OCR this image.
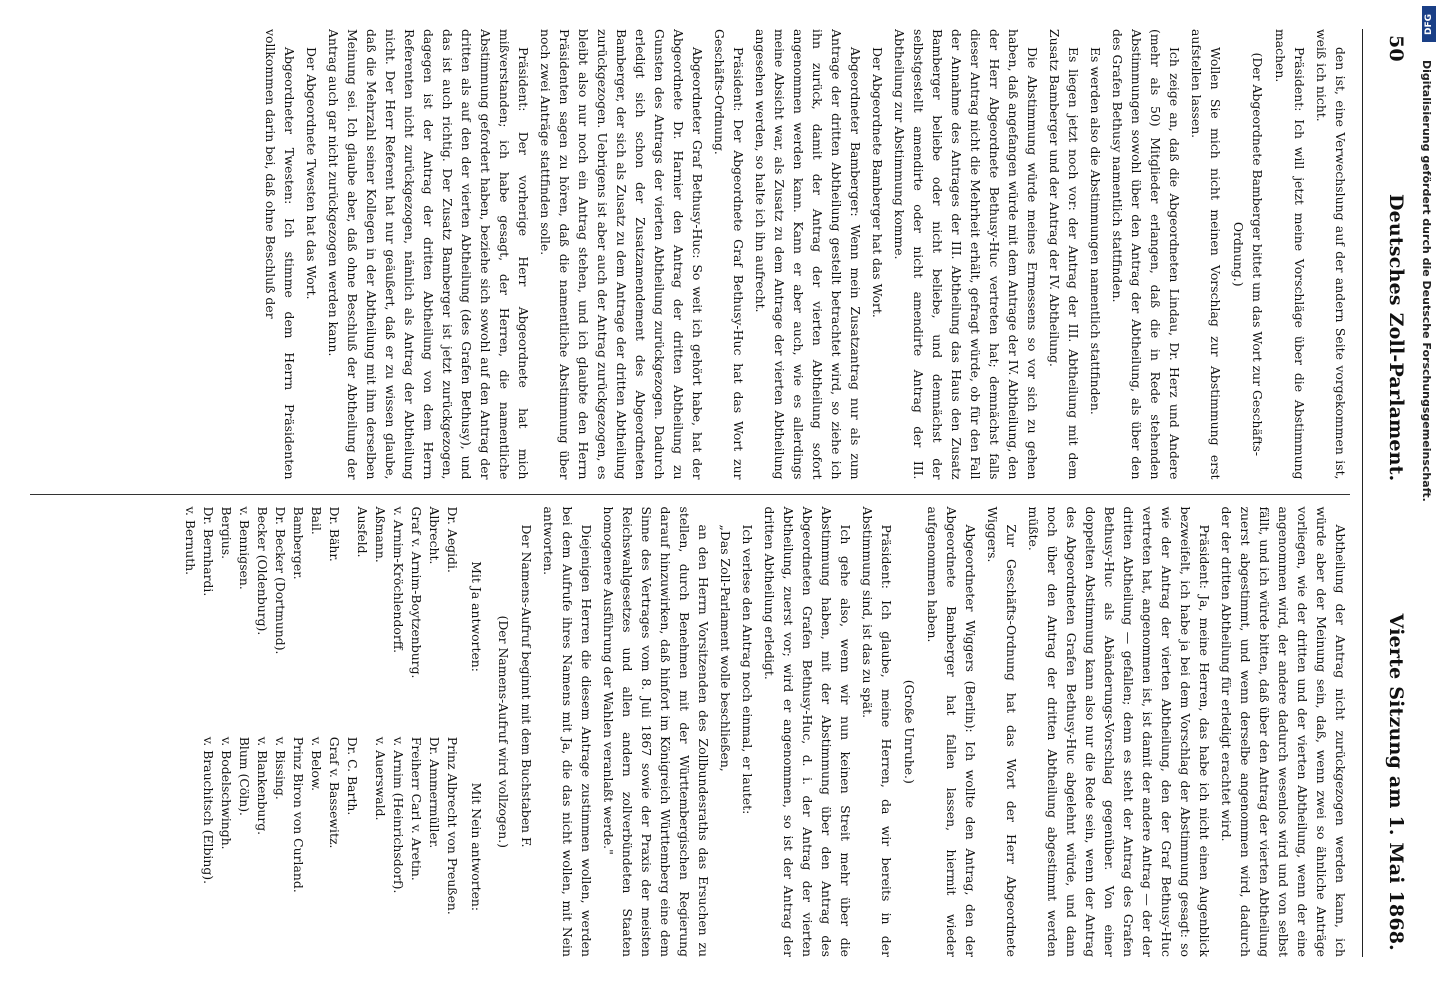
50
Deutsches Zoll-Parlament.
Vierte Sitzung am 1. Mai 1868.

den ist, eine Verwechslung auf der andern Seite vorgekommen ist, weiß ich nicht.

Präsident: Ich will jetzt meine Vorschläge über die Abstimmung machen.

(Der Abgeordnete Bamberger bittet um das Wort zur Geschäfts-Ordnung.)

Wollen Sie mich nicht meinen Vorschlag zur Abstimmung erst aufstellen lassen.

Ich zeige an, daß die Abgeordneten Lindau, Dr. Herz und Andere (mehr als 50) Mitglieder erlangen, daß die in Rede stehenden Abstimmungen sowohl über den Antrag der Abtheilung, als über den des Grafen Bethusy namentlich stattfinden.

Es werden also die Abstimmungen namentlich stattfinden.

Es liegen jetzt noch vor: der Antrag der III. Abtheilung mit dem Zusatz Bamberger und der Antrag der IV. Abtheilung.

Die Abstimmung würde meines Ermessens so vor sich zu gehen haben, daß angefangen würde mit dem Antrage der IV. Abtheilung, den der Herr Abgeordnete Bethusy-Huc vertreten hat; demnächst falls dieser Antrag nicht die Mehrheit erhält, gefragt würde, ob für den Fall der Annahme des Antrages der III. Abtheilung das Haus den Zusatz Bamberger beliebe oder nicht beliebe, und demnächst der selbstgestellt amendirte oder nicht amendirte Antrag der III. Abtheilung zur Abstimmung komme.

Der Abgeordnete Bamberger hat das Wort.

Abgeordneter Bamberger: Wenn mein Zusatzantrag nur als zum Antrage der dritten Abtheilung gestellt betrachtet wird, so ziehe ich ihn zurück, damit der Antrag der vierten Abtheilung sofort angenommen werden kann. Kann er aber auch, wie es allerdings meine Absicht war, als Zusatz zu dem Antrage der vierten Abtheilung angesehen werden, so halte ich ihn aufrecht.

Präsident: Der Abgeordnete Graf Bethusy-Huc hat das Wort zur Geschäfts-Ordnung.

Abgeordneter Graf Bethusy-Huc: So weit ich gehört habe, hat der Abgeordnete Dr. Harnier den Antrag der dritten Abtheilung zu Gunsten des Antrags der vierten Abtheilung zurückgezogen. Dadurch erledigt sich schon der Zusatzamendement des Abgeordneten Bamberger, der sich als Zusatz zu dem Antrage der dritten Abtheilung zurückgezogen. Uebrigens ist aber auch der Antrag zurückgezogen, es bleibt also nur noch ein Antrag stehen, und ich glaubte den Herrn Präsidenten sagen zu hören, daß die namentliche Abstimmung über noch zwei Anträge stattfinden solle.

Präsident: Der vorherige Herr Abgeordnete hat mich mißverstanden; ich habe gesagt, der Herren, die namentliche Abstimmung gefordert haben, beziehe sich sowohl auf den Antrag der dritten als auf den der vierten Abtheilung (des Grafen Bethusy), und das ist auch richtig. Der Zusatz Bamberger ist jetzt zurückgezogen, dagegen ist der Antrag der dritten Abtheilung von dem Herrn Referenten nicht zurückgezogen, nämlich als Antrag der Abtheilung nicht. Der Herr Referent hat nur geäußert, daß er zu wissen glaube, daß die Mehrzahl seiner Kollegen in der Abtheilung mit ihm derselben Meinung sei. Ich glaube aber, daß ohne Beschluß der Abtheilung der Antrag auch gar nicht zurückgezogen werden kann.

Der Abgeordnete Twesten hat das Wort.

Abgeordneter Twesten: Ich stimme dem Herrn Präsidenten vollkommen darin bei, daß ohne Beschluß der

Abtheilung der Antrag nicht zurückgezogen werden kann, ich würde aber der Meinung sein, daß, wenn zwei so ähnliche Anträge vorliegen, wie der dritten und der vierten Abtheilung, wenn der eine angenommen wird, der andere dadurch wesenlos wird und von selbst fällt, und ich würde bitten, daß über den Antrag der vierten Abtheilung zuerst abgestimmt, und wenn derselbe angenommen wird, dadurch der der dritten Abtheilung für erledigt erachtet wird.

Präsident: Ja, meine Herren, das habe ich nicht einen Augenblick bezweifelt, ich habe ja bei dem Vorschlag der Abstimmung gesagt: so wie der Antrag der vierten Abtheilung, den der Graf Bethusy-Huc vertreten hat, angenommen ist, ist damit der andere Antrag — der der dritten Abtheilung — gefallen; denn es steht der Antrag des Grafen Bethusy-Huc als Abänderungs-Vorschlag gegenüber. Von einer doppelten Abstimmung kann also nur die Rede sein, wenn der Antrag des Abgeordneten Grafen Bethusy-Huc abgelehnt würde, und dann noch über den Antrag der dritten Abtheilung abgestimmt werden müßte.

Zur Geschäfts-Ordnung hat das Wort der Herr Abgeordnete Wiggers.

Abgeordneter Wiggers (Berlin): Ich wollte den Antrag, den der Abgeordnete Bamberger hat fallen lassen, hiermit wieder aufgenommen haben.

(Große Unruhe.)

Präsident: Ich glaube, meine Herren, da wir bereits in der Abstimmung sind, ist das zu spät.

Ich gehe also, wenn wir nun keinen Streit mehr über die Abstimmung haben, mit der Abstimmung über den Antrag des Abgeordneten Grafen Bethusy-Huc, d. i. der Antrag der vierten Abtheilung, zuerst vor; wird er angenommen, so ist der Antrag der dritten Abtheilung erledigt.

Ich verlese den Antrag noch einmal, er lautet:

„Das Zoll-Parlament wolle beschließen,

an den Herrn Vorsitzenden des Zollbundesraths das Ersuchen zu stellen, durch Benehmen mit der Württembergischen Regierung darauf hinzuwirken, daß hinfort im Königreich Württemberg eine dem Sinne des Vertrages vom 8. Juli 1867 sowie der Praxis der meisten Reichswahlgesetzes und allen andern zollverbündeten Staaten homogenere Ausführung der Wahlen veranlaßt werde."

Diejenigen Herren die diesem Antrage zustimmen wollen, werden bei dem Aufrufe ihres Namens mit Ja, die das nicht wollen, mit Nein antworten.

Der Namens-Aufruf beginnt mit dem Buchstaben F.

(Der Namens-Aufruf wird vollzogen.)

Mit Ja antworten:
Dr. Aegidi.
Albrecht.
Graf v. Arnim-Boytzenburg.
v. Arnim-Kröchlendorff.
Aßmann.
Ausfeld.
Dr. Bähr.
Bail.
Bamberger.
Dr. Becker (Dortmund).
Becker (Oldenburg).
v. Bennigsen.
Bergius.
Dr. Bernhardi.
v. Bernuth.
Mit Nein antworten:
Prinz Albrecht von Preußen.
Dr. Ammermüller.
Freiherr Carl v. Aretin.
v. Arnim (Heinrichsdorf).
v. Auerswald.
Dr. C. Barth.
Graf v. Bassewitz.
v. Below.
Prinz Biron von Curland.
v. Bissing.
v. Blankenburg.
Blum (Cöln).
v. Bodelschwingh.
v. Brauchitsch (Elbing).
DFG
Digitalisierung gefördert durch die Deutsche Forschungsgemeinschaft.
